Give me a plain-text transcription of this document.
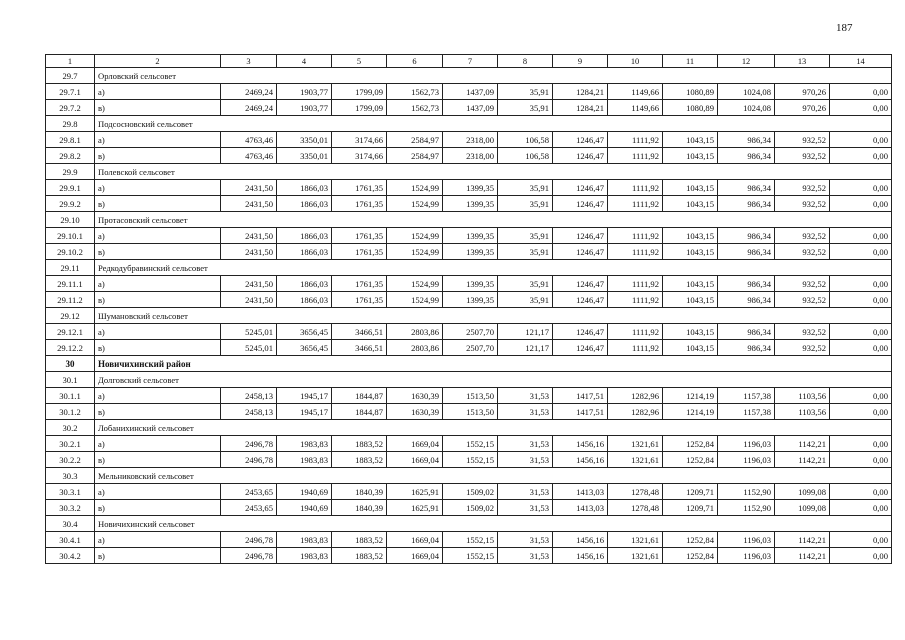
187
1	2	3	4	5	6	7	8	9	10	11	12	13	14
29.7	Орловский сельсовет												
29.7.1	а)	2469,24	1903,77	1799,09	1562,73	1437,09	35,91	1284,21	1149,66	1080,89	1024,08	970,26	0,00
29.7.2	в)	2469,24	1903,77	1799,09	1562,73	1437,09	35,91	1284,21	1149,66	1080,89	1024,08	970,26	0,00
29.8	Подсосновский сельсовет												
29.8.1	а)	4763,46	3350,01	3174,66	2584,97	2318,00	106,58	1246,47	1111,92	1043,15	986,34	932,52	0,00
29.8.2	в)	4763,46	3350,01	3174,66	2584,97	2318,00	106,58	1246,47	1111,92	1043,15	986,34	932,52	0,00
29.9	Полевской сельсовет												
29.9.1	а)	2431,50	1866,03	1761,35	1524,99	1399,35	35,91	1246,47	1111,92	1043,15	986,34	932,52	0,00
29.9.2	в)	2431,50	1866,03	1761,35	1524,99	1399,35	35,91	1246,47	1111,92	1043,15	986,34	932,52	0,00
29.10	Протасовский сельсовет												
29.10.1	а)	2431,50	1866,03	1761,35	1524,99	1399,35	35,91	1246,47	1111,92	1043,15	986,34	932,52	0,00
29.10.2	в)	2431,50	1866,03	1761,35	1524,99	1399,35	35,91	1246,47	1111,92	1043,15	986,34	932,52	0,00
29.11	Редкодубравинский сельсовет												
29.11.1	а)	2431,50	1866,03	1761,35	1524,99	1399,35	35,91	1246,47	1111,92	1043,15	986,34	932,52	0,00
29.11.2	в)	2431,50	1866,03	1761,35	1524,99	1399,35	35,91	1246,47	1111,92	1043,15	986,34	932,52	0,00
29.12	Шумановский сельсовет												
29.12.1	а)	5245,01	3656,45	3466,51	2803,86	2507,70	121,17	1246,47	1111,92	1043,15	986,34	932,52	0,00
29.12.2	в)	5245,01	3656,45	3466,51	2803,86	2507,70	121,17	1246,47	1111,92	1043,15	986,34	932,52	0,00
30	Новичихинский район												
30.1	Долговский сельсовет												
30.1.1	а)	2458,13	1945,17	1844,87	1630,39	1513,50	31,53	1417,51	1282,96	1214,19	1157,38	1103,56	0,00
30.1.2	в)	2458,13	1945,17	1844,87	1630,39	1513,50	31,53	1417,51	1282,96	1214,19	1157,38	1103,56	0,00
30.2	Лобанихинский сельсовет												
30.2.1	а)	2496,78	1983,83	1883,52	1669,04	1552,15	31,53	1456,16	1321,61	1252,84	1196,03	1142,21	0,00
30.2.2	в)	2496,78	1983,83	1883,52	1669,04	1552,15	31,53	1456,16	1321,61	1252,84	1196,03	1142,21	0,00
30.3	Мельниковский сельсовет												
30.3.1	а)	2453,65	1940,69	1840,39	1625,91	1509,02	31,53	1413,03	1278,48	1209,71	1152,90	1099,08	0,00
30.3.2	в)	2453,65	1940,69	1840,39	1625,91	1509,02	31,53	1413,03	1278,48	1209,71	1152,90	1099,08	0,00
30.4	Новичихинский сельсовет												
30.4.1	а)	2496,78	1983,83	1883,52	1669,04	1552,15	31,53	1456,16	1321,61	1252,84	1196,03	1142,21	0,00
30.4.2	в)	2496,78	1983,83	1883,52	1669,04	1552,15	31,53	1456,16	1321,61	1252,84	1196,03	1142,21	0,00
